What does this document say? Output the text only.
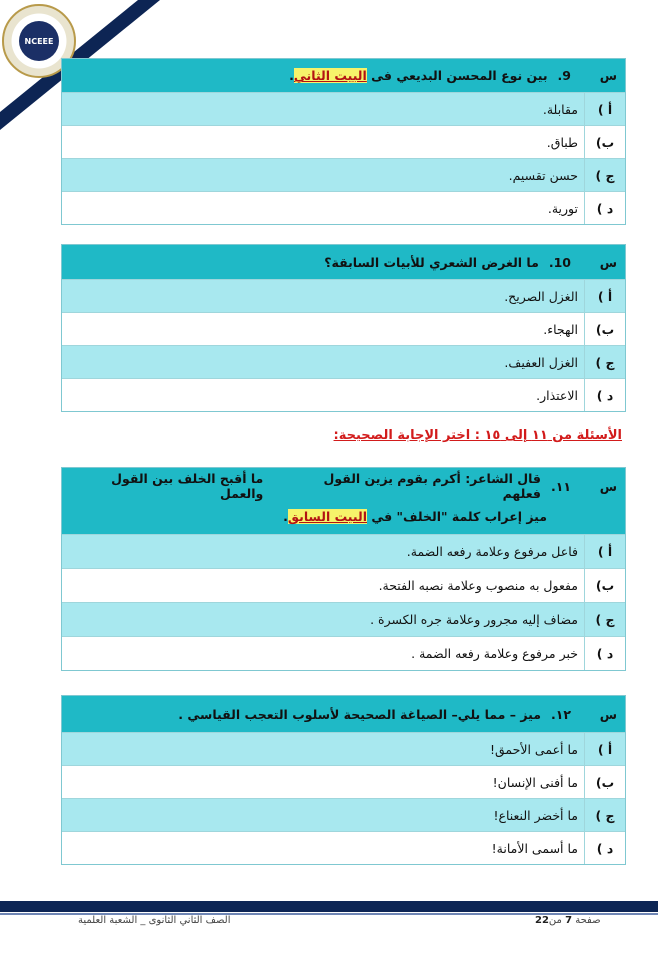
NCEEE
س
9.
بين نوع المحسن البديعي فى البيت الثاني.
أ )
مقابلة.
ب)
طباق.
ج )
حسن تقسيم.
د )
تورية.
س
10.
ما الغرض الشعري للأبيات السابقة؟
أ )
الغزل الصريح.
ب)
الهجاء.
ج )
الغزل العفيف.
د )
الاعتذار.
الأسئلة من ١١ إلى ١٥ : اختر الإجابة الصحيحة:
س
١١.
قال الشاعر: أكرم بقوم يزين القول فعلهم
ما أقبح الخلف بين القول والعمل
ميز إعراب كلمة "الخلف" في البيت السابق.
أ )
فاعل مرفوع وعلامة رفعه الضمة.
ب)
مفعول به منصوب وعلامة نصبه الفتحة.
ج )
مضاف إليه مجرور وعلامة جره الكسرة .
د )
خبر مرفوع وعلامة رفعه الضمة .
س
١٢.
ميز – مما يلي– الصياغة الصحيحة لأسلوب التعجب القياسي .
أ )
ما أعمى الأحمق!
ب)
ما أفنى الإنسان!
ج )
ما أخضر النعناع!
د )
ما أسمى الأمانة!
الصف الثاني الثانوى _ الشعبة العلمية	صفحة 7 من22
